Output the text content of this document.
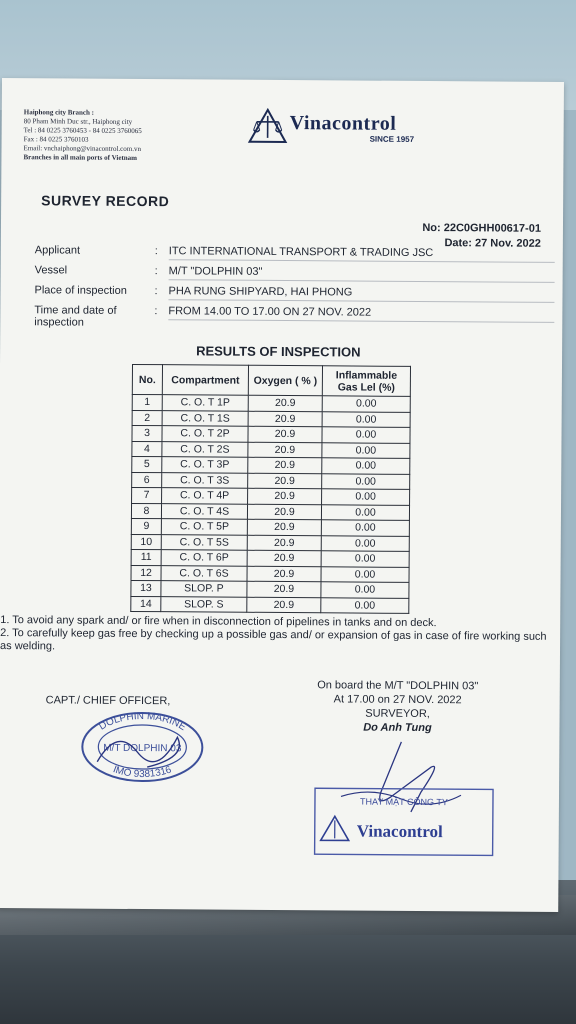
Haiphong city Branch :
80 Pham Minh Duc str., Haiphong city
Tel : 84 0225 3760453 - 84 0225 3760065
Fax : 84 0225 3760103
Email: vnchaiphong@vinacontrol.com.vn
Branches in all main ports of Vietnam
Vinacontrol
SINCE 1957
SURVEY RECORD
No: 22C0GHH00617-01
Date: 27 Nov. 2022
Applicant	: ITC INTERNATIONAL TRANSPORT & TRADING JSC
Vessel	: M/T "DOLPHIN 03"
Place of inspection	: PHA RUNG SHIPYARD, HAI PHONG
Time and date of inspection
: FROM 14.00 TO 17.00 ON 27 NOV. 2022
RESULTS OF INSPECTION
No.	Compartment	Oxygen ( % )	Inflammable Gas Lel (%)
1	C. O. T 1P	20.9	0.00
2	C. O. T 1S	20.9	0.00
3	C. O. T 2P	20.9	0.00
4	C. O. T 2S	20.9	0.00
5	C. O. T 3P	20.9	0.00
6	C. O. T 3S	20.9	0.00
7	C. O. T 4P	20.9	0.00
8	C. O. T 4S	20.9	0.00
9	C. O. T 5P	20.9	0.00
10	C. O. T 5S	20.9	0.00
11	C. O. T 6P	20.9	0.00
12	C. O. T 6S	20.9	0.00
13	SLOP. P	20.9	0.00
14	SLOP. S	20.9	0.00
1. To avoid any spark and/ or fire when in disconnection of pipelines in tanks and on deck.
2. To carefully keep gas free by checking up a possible gas and/ or expansion of gas in case of fire working such as welding.
CAPT./ CHIEF OFFICER,
On board the M/T "DOLPHIN 03"
At 17.00 on 27 NOV. 2022
SURVEYOR,
Do Anh Tung
DOLPHIN MARINE
M/T DOLPHIN 03
IMO 9381316
THAY MẶT CÔNG TY
Vinacontrol
